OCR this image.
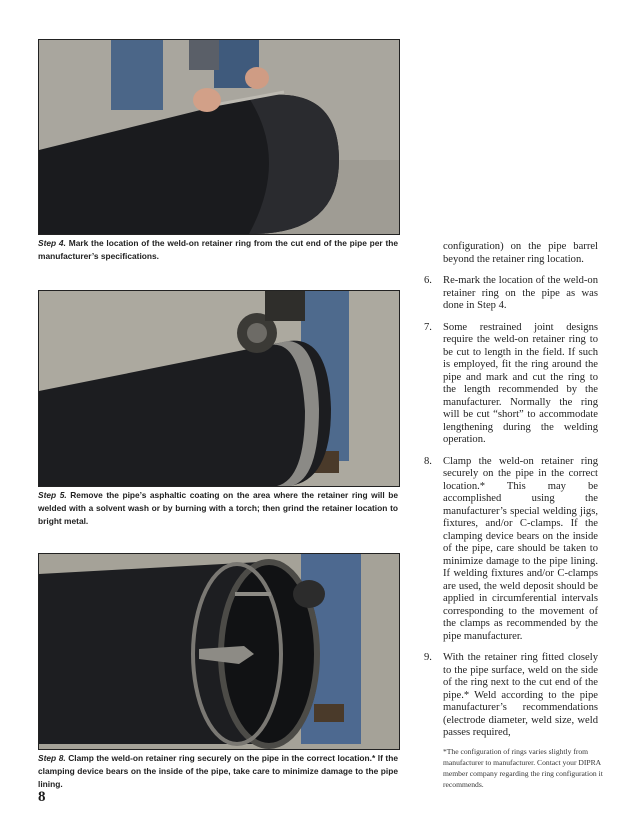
Step 4. Mark the location of the weld-on retainer ring from the cut end of the pipe per the manufacturer’s specifications.
Step 5. Remove the pipe’s asphaltic coating on the area where the retainer ring will be welded with a solvent wash or by burning with a torch; then grind the retainer location to bright metal.
Step 8. Clamp the weld-on retainer ring securely on the pipe in the correct location.* If the clamping device bears on the inside of the pipe, take care to minimize damage to the pipe lining.
configuration) on the pipe barrel beyond the retainer ring location.
6.	Re-mark the location of the weld-on retainer ring on the pipe as was done in Step 4.
7.	Some restrained joint designs require the weld-on retainer ring to be cut to length in the field. If such is employed, fit the ring around the pipe and mark and cut the ring to the length recommended by the manufacturer. Normally the ring will be cut “short” to accommodate lengthening during the welding operation.
8.	Clamp the weld-on retainer ring securely on the pipe in the correct location.* This may be accomplished using the manufacturer’s special welding jigs, fixtures, and/or C-clamps. If the clamping device bears on the inside of the pipe, care should be taken to minimize damage to the pipe lining. If welding fixtures and/or C-clamps are used, the weld deposit should be applied in circumferential intervals corresponding to the movement of the clamps as recommended by the pipe manufacturer.
9.	With the retainer ring fitted closely to the pipe surface, weld on the side of the ring next to the cut end of the pipe.* Weld according to the pipe manufacturer’s recommendations (electrode diameter, weld size, weld passes required,
*The configuration of rings varies slightly from manufacturer to manufacturer. Contact your DIPRA member company regarding the ring configuration it recommends.
8
